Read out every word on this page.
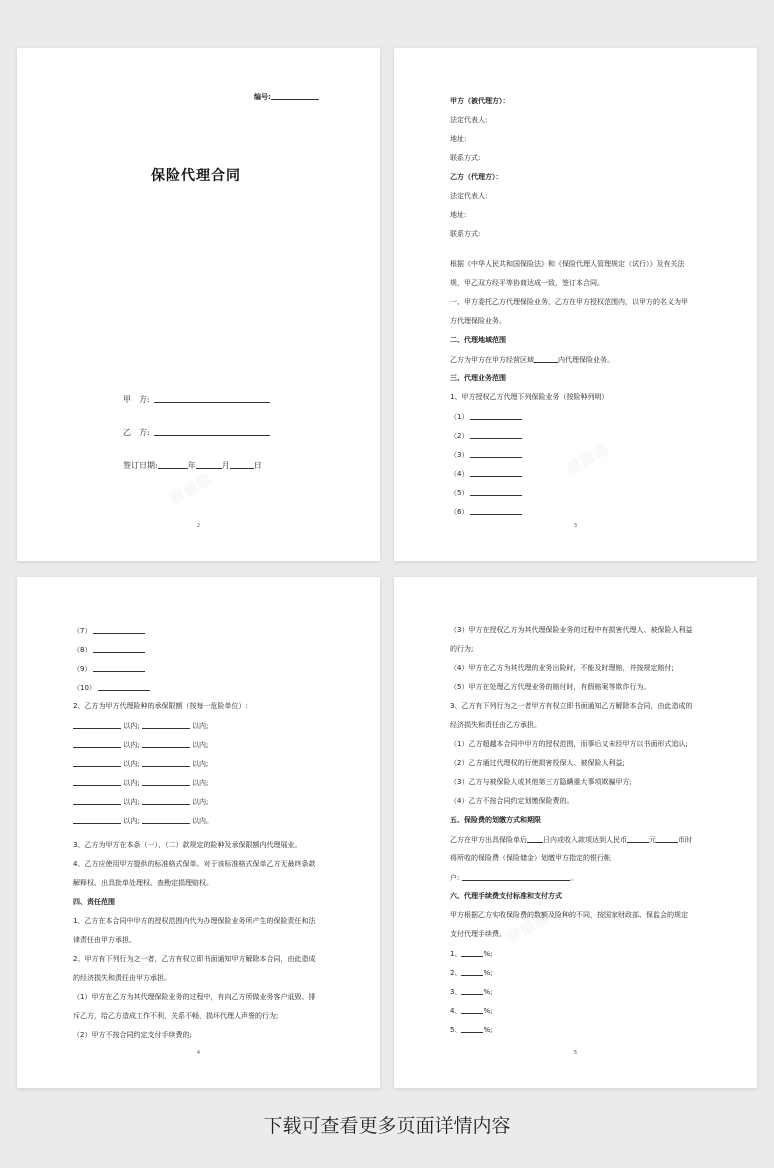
编号:
保险代理合同
甲　方:
乙　方:
签订日期:	年	月	日
2
甲方（被代理方）：
法定代表人:
地址:
联系方式:
乙方（代理方）：
法定代表人:
地址:
联系方式:
根据《中华人民共和国保险法》和《保险代理人管理规定（试行）》及有关法
规，甲乙双方经平等协商达成一致，签订本合同。
一、甲方委托乙方代理保险业务，乙方在甲方授权范围内，以甲方的名义为甲
方代理保险业务。
二、代理地域范围
乙方为甲方在甲方经营区域	内代理保险业务。
三、代理业务范围
1、甲方授权乙方代理下列保险业务（按险种列明）
（1）
（2）
（3）
（4）
（5）
（6）
3
（7）
（8）
（9）
（10）
2、乙方为甲方代理险种的承保限额（按每一危险单位）:
以内;	以内;
以内;	以内;
以内;	以内;
以内;	以内;
以内;	以内;
以内;	以内。
3、乙方为甲方在本条（一）、（二）款规定的险种及承保限额内代理展业。
4、乙方应使用甲方提供的标准格式保单。对于该标准格式保单乙方无最终条款
解释权、出具批单处理权、查勘定损理赔权。
四、责任范围
1、乙方在本合同中甲方的授权范围内代为办理保险业务所产生的保险责任和法
律责任由甲方承担。
2、甲方有下列行为之一者，乙方有权立即书面通知甲方解除本合同，由此造成
的经济损失和责任由甲方承担。
（1）甲方在乙方为其代理保险业务的过程中，有向乙方所做业务客户诋毁、排
斥乙方，给乙方造成工作不利，关系不畅，损坏代理人声誉的行为;
（2）甲方不按合同约定支付手续费的;
4
（3）甲方在授权乙方为其代理保险业务的过程中有损害代理人、被保险人利益
的行为;
（4）甲方在乙方为其代理的业务出险时，不能及时理赔，并按规定赔付;
（5）甲方在处理乙方代理业务的赔付时，有假赔案等欺诈行为。
3、乙方有下列行为之一者甲方有权立即书面通知乙方解除本合同，由此造成的
经济损失和责任由乙方承担。
（1）乙方超越本合同中甲方的授权范围，而事后又未经甲方以书面形式追认;
（2）乙方通过代理权的行使损害投保人、被保险人利益;
（3）乙方与被保险人或其他第三方隐瞒重大事项欺骗甲方;
（4）乙方不按合同约定划缴保险费的。
五、保险费的划缴方式和期限
乙方在甲方出具保险单后 日内或收入款项达到人民币	元	币时
将所收的保险费（保险储金）划缴甲方指定的银行帐
户:	。
六、代理手续费支付标准和支付方式
甲方根据乙方实收保险费的数额及险种的不同，按国家财政部、保监会的规定
支付代理手续费。
1、	%;
2、	%;
3、	%;
4、	%;
5、	%;
5
下载可查看更多页面详情内容
